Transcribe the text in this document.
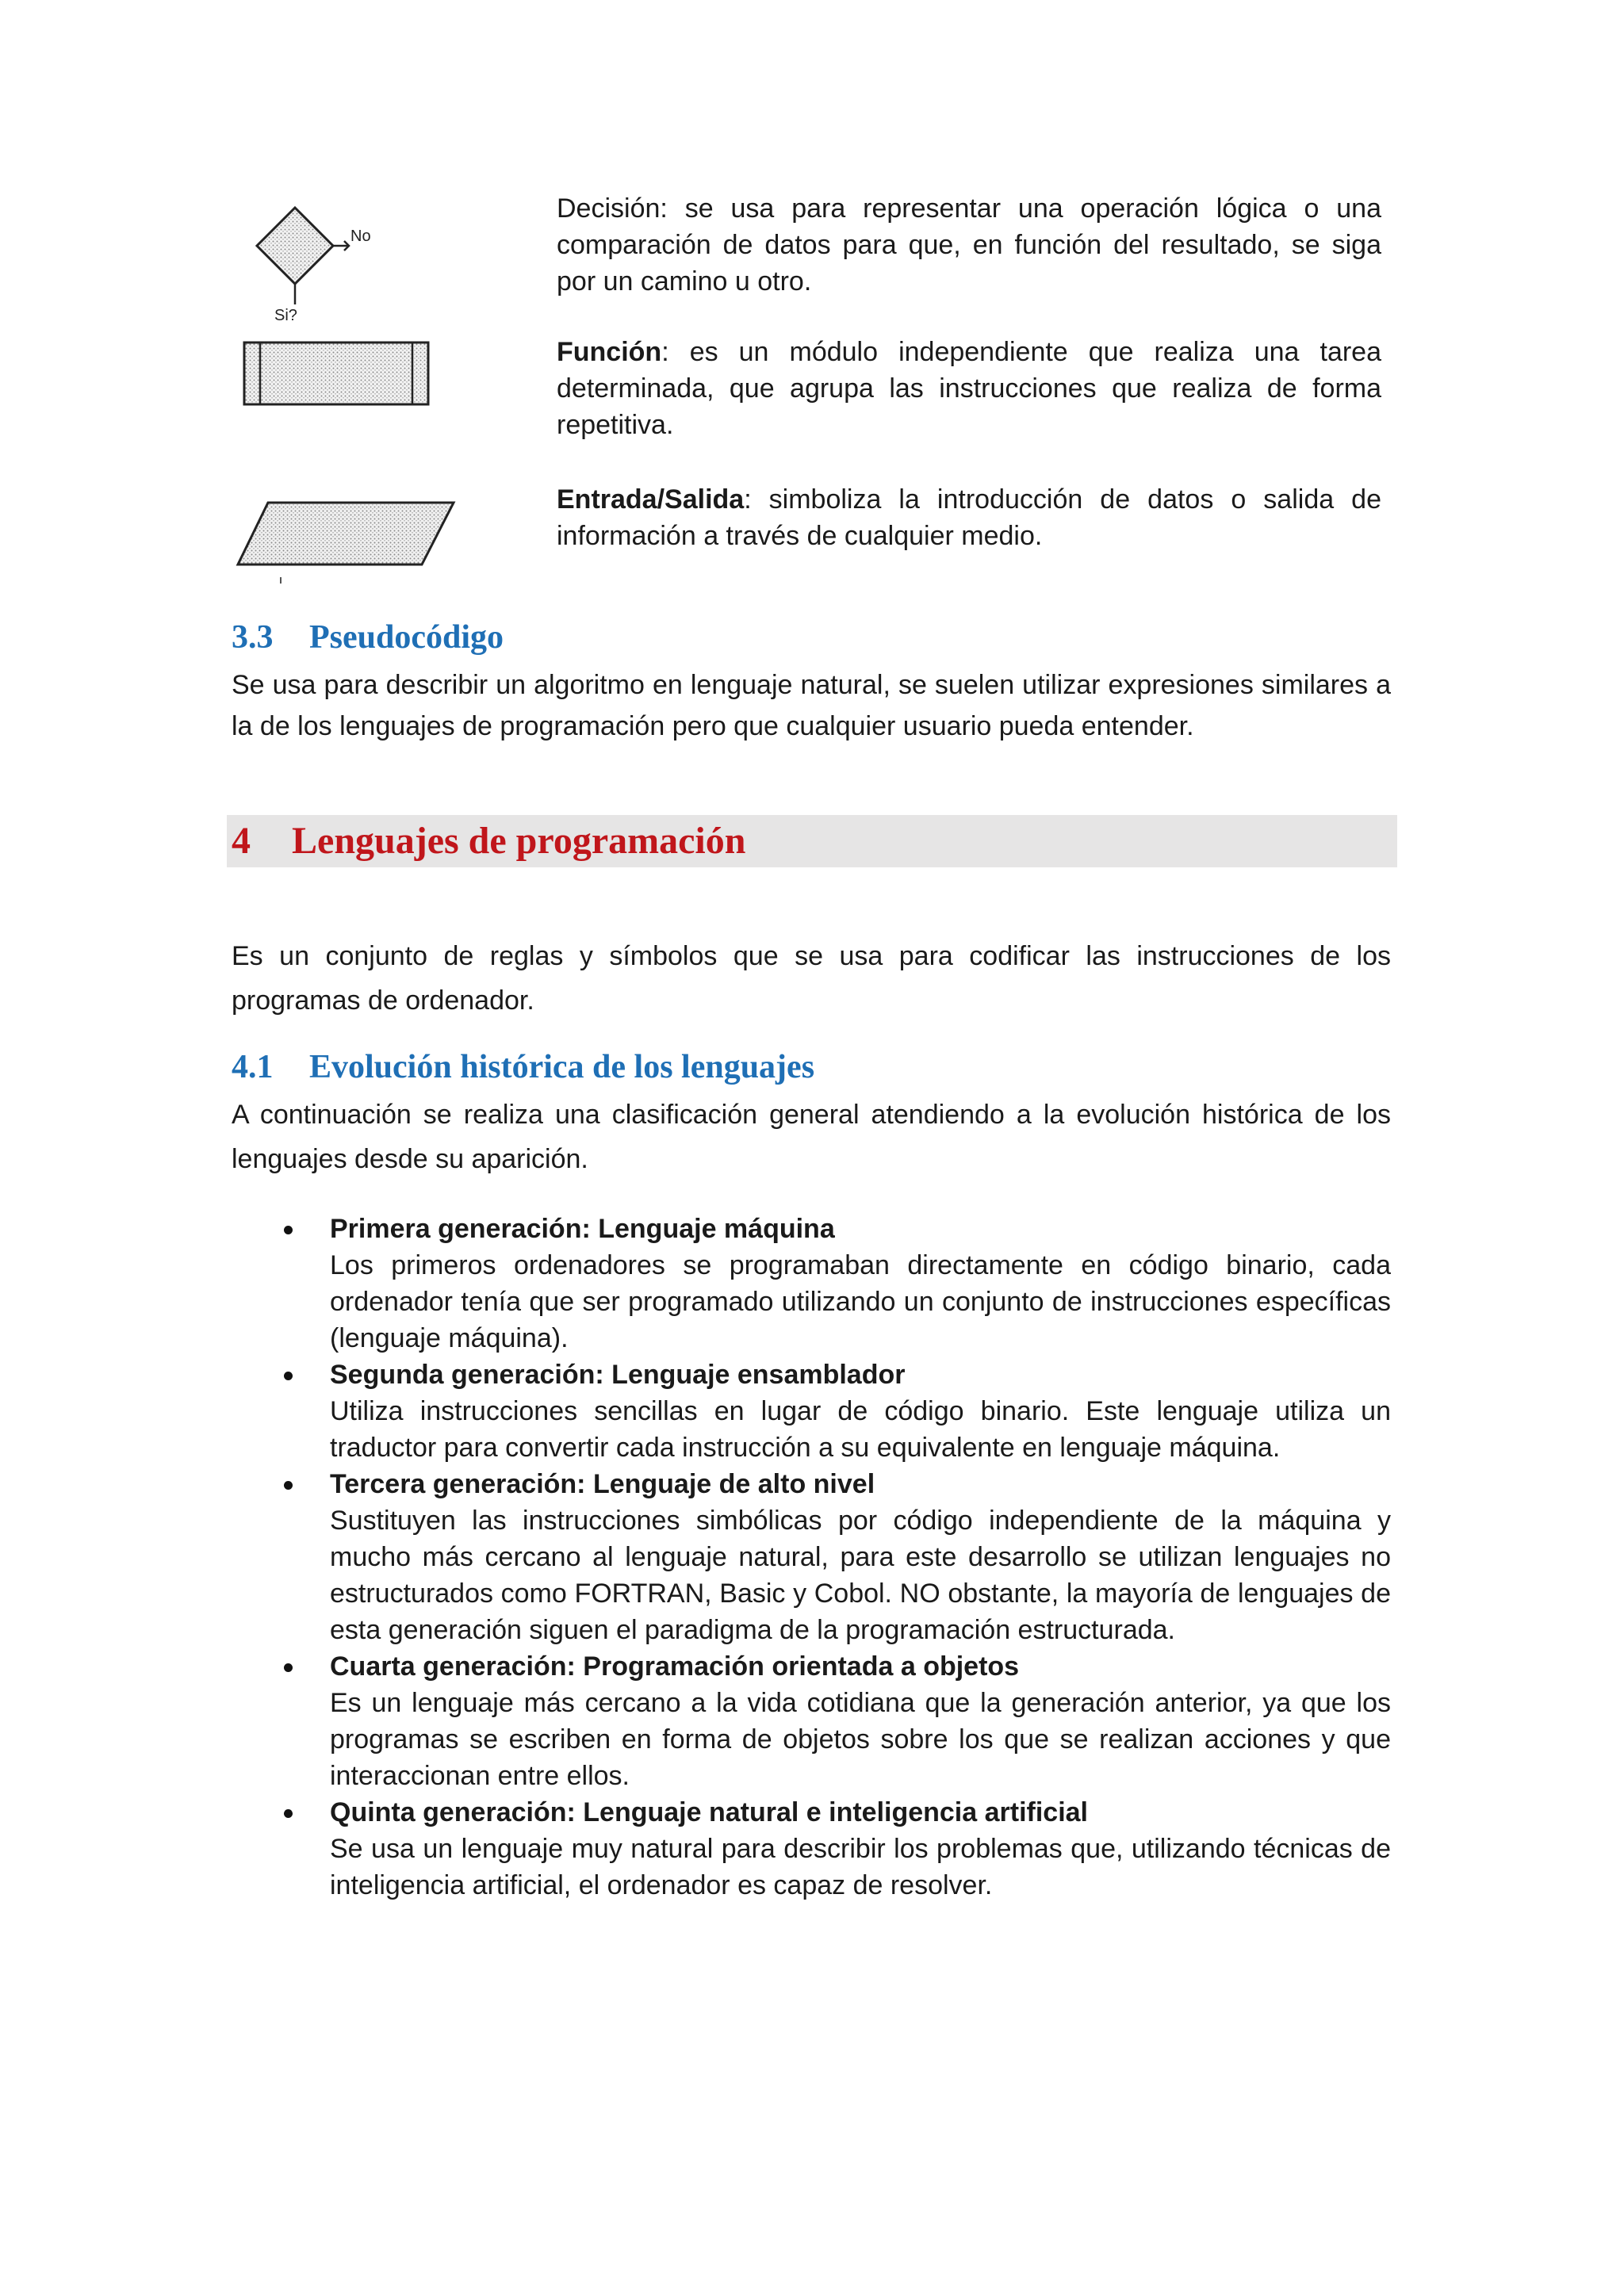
No
Si?
Decisión: se usa para representar una operación lógica o una comparación de datos para que, en función del resultado, se siga por un camino u otro.
Función: es un módulo independiente que realiza una tarea determinada, que agrupa las instrucciones que realiza de forma repetitiva.
Entrada/Salida: simboliza la introducción de datos o salida de información a través de cualquier medio.
3.3 Pseudocódigo

Se usa para describir un algoritmo en lenguaje natural, se suelen utilizar expresiones similares a la de los lenguajes de programación pero que cualquier usuario pueda entender.

4 Lenguajes de programación

Es un conjunto de reglas y símbolos que se usa para codificar las instrucciones de los programas de ordenador.

4.1 Evolución histórica de los lenguajes

A continuación se realiza una clasificación general atendiendo a la evolución histórica de los lenguajes desde su aparición.

Primera generación: Lenguaje máquina
Los primeros ordenadores se programaban directamente en código binario, cada ordenador tenía que ser programado utilizando un conjunto de instrucciones específicas (lenguaje máquina).
Segunda generación: Lenguaje ensamblador
Utiliza instrucciones sencillas en lugar de código binario. Este lenguaje utiliza un traductor para convertir cada instrucción a su equivalente en lenguaje máquina.
Tercera generación: Lenguaje de alto nivel
Sustituyen las instrucciones simbólicas por código independiente de la máquina y mucho más cercano al lenguaje natural, para este desarrollo se utilizan lenguajes no estructurados como FORTRAN, Basic y Cobol. NO obstante, la mayoría de lenguajes de esta generación siguen el paradigma de la programación estructurada.
Cuarta generación: Programación orientada a objetos
Es un lenguaje más cercano a la vida cotidiana que la generación anterior, ya que los programas se escriben en forma de objetos sobre los que se realizan acciones y que interaccionan entre ellos.
Quinta generación: Lenguaje natural e inteligencia artificial
Se usa un lenguaje muy natural para describir los problemas que, utilizando técnicas de inteligencia artificial, el ordenador es capaz de resolver.
